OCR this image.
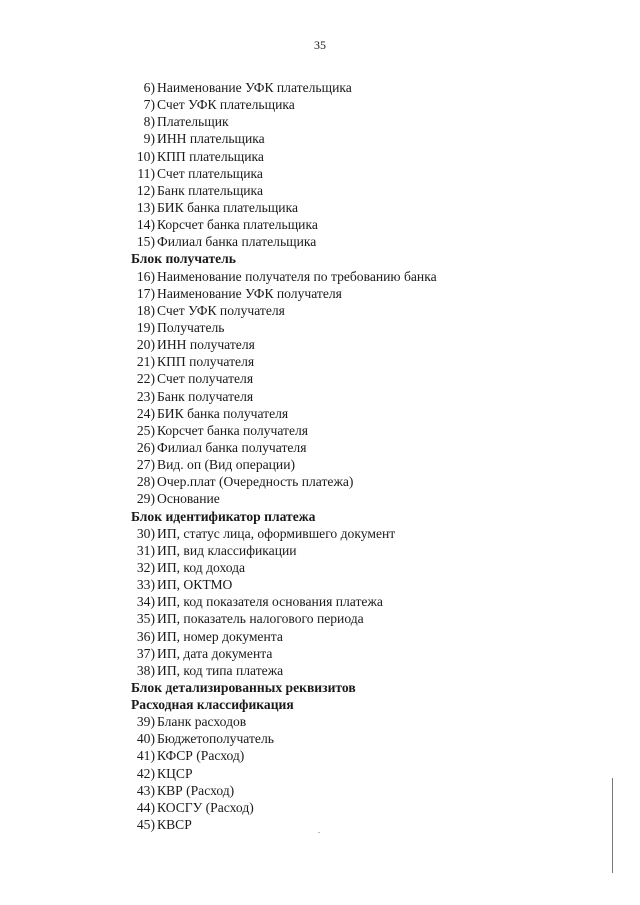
35
6) Наименование УФК плательщика
7) Счет УФК плательщика
8) Плательщик
9) ИНН плательщика
10) КПП плательщика
11) Счет плательщика
12) Банк плательщика
13) БИК банка плательщика
14) Корсчет банка плательщика
15) Филиал банка плательщика
Блок получатель
16) Наименование получателя по требованию банка
17) Наименование УФК получателя
18) Счет УФК получателя
19) Получатель
20) ИНН получателя
21) КПП получателя
22) Счет получателя
23) Банк получателя
24) БИК банка получателя
25) Корсчет банка получателя
26) Филиал банка получателя
27) Вид. оп (Вид операции)
28) Очер.плат (Очередность платежа)
29) Основание
Блок идентификатор платежа
30) ИП, статус лица, оформившего документ
31) ИП, вид классификации
32) ИП, код дохода
33) ИП, ОКТМО
34) ИП, код показателя основания платежа
35) ИП, показатель налогового периода
36) ИП, номер документа
37) ИП, дата документа
38) ИП, код типа платежа
Блок детализированных реквизитов
Расходная классификация
39) Бланк расходов
40) Бюджетополучатель
41) КФСР (Расход)
42) КЦСР
43) КВР (Расход)
44) КОСГУ (Расход)
45) КВСР
